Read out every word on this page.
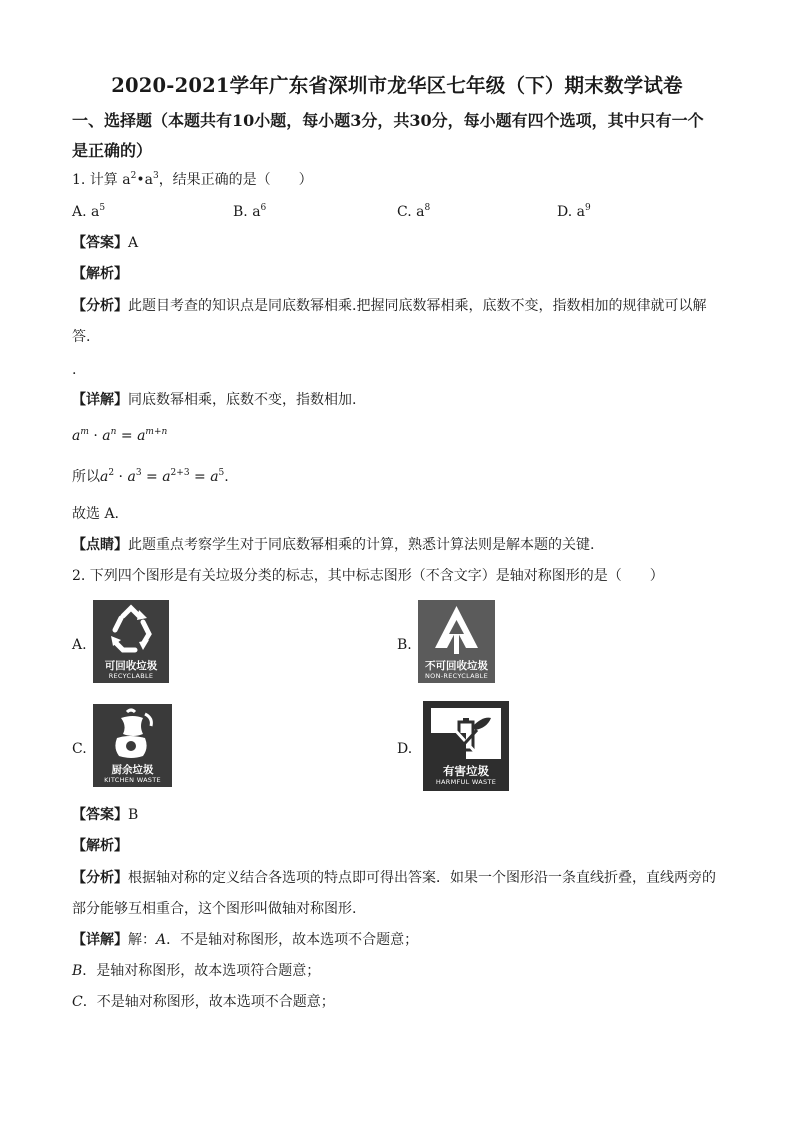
2020-2021学年广东省深圳市龙华区七年级（下）期末数学试卷
一、选择题（本题共有10小题，每小题3分，共30分，每小题有四个选项，其中只有一个
是正确的）
1. 计算 $a^2•a^3$，结果正确的是（　　）
A. $a^5$	B. $a^6$	C. $a^8$	D. $a^9$
【答案】A
【解析】
【分析】此题目考查的知识点是同底数幂相乘.把握同底数幂相乘，底数不变，指数相加的规律就可以解
答.
.
【详解】同底数幂相乘，底数不变，指数相加.
$a^m \cdot a^n = a^{m+n}$
所以$a^2 \cdot a^3 = a^{2+3} = a^5$.
故选 A.
【点睛】此题重点考察学生对于同底数幂相乘的计算，熟悉计算法则是解本题的关键.
2. 下列四个图形是有关垃圾分类的标志，其中标志图形（不含文字）是轴对称图形的是（　　）
A.
可回收垃圾
RECYCLABLE
B.
不可回收垃圾
NON-RECYCLABLE
C.
厨余垃圾
KITCHEN WASTE
D.
有害垃圾
HARMFUL WASTE
【答案】B
【解析】
【分析】根据轴对称的定义结合各选项的特点即可得出答案．如果一个图形沿一条直线折叠，直线两旁的
部分能够互相重合，这个图形叫做轴对称图形.
【详解】解：A．不是轴对称图形，故本选项不合题意；
B．是轴对称图形，故本选项符合题意；
C．不是轴对称图形，故本选项不合题意；
